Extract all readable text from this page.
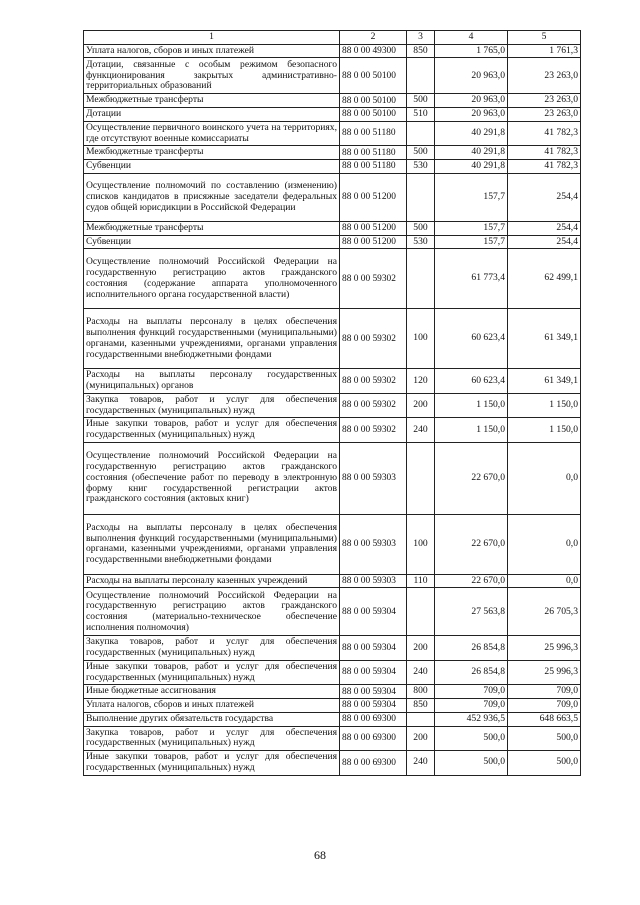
1	2	3	4	5
Уплата налогов, сборов и иных платежей	88 0 00 49300	850	1 765,0	1 761,3
Дотации, связанные с особым режимом безопасного функционирования закрытых административно-территориальных образований	88 0 00 50100		20 963,0	23 263,0
Межбюджетные трансферты	88 0 00 50100	500	20 963,0	23 263,0
Дотации	88 0 00 50100	510	20 963,0	23 263,0
Осуществление первичного воинского учета на территориях, где отсутствуют военные комиссариаты	88 0 00 51180		40 291,8	41 782,3
Межбюджетные трансферты	88 0 00 51180	500	40 291,8	41 782,3
Субвенции	88 0 00 51180	530	40 291,8	41 782,3
Осуществление полномочий по составлению (изменению) списков кандидатов в присяжные заседатели федеральных судов общей юрисдикции в Российской Федерации	88 0 00 51200		157,7	254,4
Межбюджетные трансферты	88 0 00 51200	500	157,7	254,4
Субвенции	88 0 00 51200	530	157,7	254,4
Осуществление полномочий Российской Федерации на государственную регистрацию актов гражданского состояния (содержание аппарата уполномоченного исполнительного органа государственной власти)	88 0 00 59302		61 773,4	62 499,1
Расходы на выплаты персоналу в целях обеспечения выполнения функций государственными (муниципальными) органами, казенными учреждениями, органами управления государственными внебюджетными фондами	88 0 00 59302	100	60 623,4	61 349,1
Расходы на выплаты персоналу государственных (муниципальных) органов	88 0 00 59302	120	60 623,4	61 349,1
Закупка товаров, работ и услуг для обеспечения государственных (муниципальных) нужд	88 0 00 59302	200	1 150,0	1 150,0
Иные закупки товаров, работ и услуг для обеспечения государственных (муниципальных) нужд	88 0 00 59302	240	1 150,0	1 150,0
Осуществление полномочий Российской Федерации на государственную регистрацию актов гражданского состояния (обеспечение работ по переводу в электронную форму книг государственной регистрации актов гражданского состояния (актовых книг)	88 0 00 59303		22 670,0	0,0
Расходы на выплаты персоналу в целях обеспечения выполнения функций государственными (муниципальными) органами, казенными учреждениями, органами управления государственными внебюджетными фондами	88 0 00 59303	100	22 670,0	0,0
Расходы на выплаты персоналу казенных учреждений	88 0 00 59303	110	22 670,0	0,0
Осуществление полномочий Российской Федерации на государственную регистрацию актов гражданского состояния (материально-техническое обеспечение исполнения полномочия)	88 0 00 59304		27 563,8	26 705,3
Закупка товаров, работ и услуг для обеспечения государственных (муниципальных) нужд	88 0 00 59304	200	26 854,8	25 996,3
Иные закупки товаров, работ и услуг для обеспечения государственных (муниципальных) нужд	88 0 00 59304	240	26 854,8	25 996,3
Иные бюджетные ассигнования	88 0 00 59304	800	709,0	709,0
Уплата налогов, сборов и иных платежей	88 0 00 59304	850	709,0	709,0
Выполнение других обязательств государства	88 0 00 69300		452 936,5	648 663,5
Закупка товаров, работ и услуг для обеспечения государственных (муниципальных) нужд	88 0 00 69300	200	500,0	500,0
Иные закупки товаров, работ и услуг для обеспечения государственных (муниципальных) нужд	88 0 00 69300	240	500,0	500,0
68
